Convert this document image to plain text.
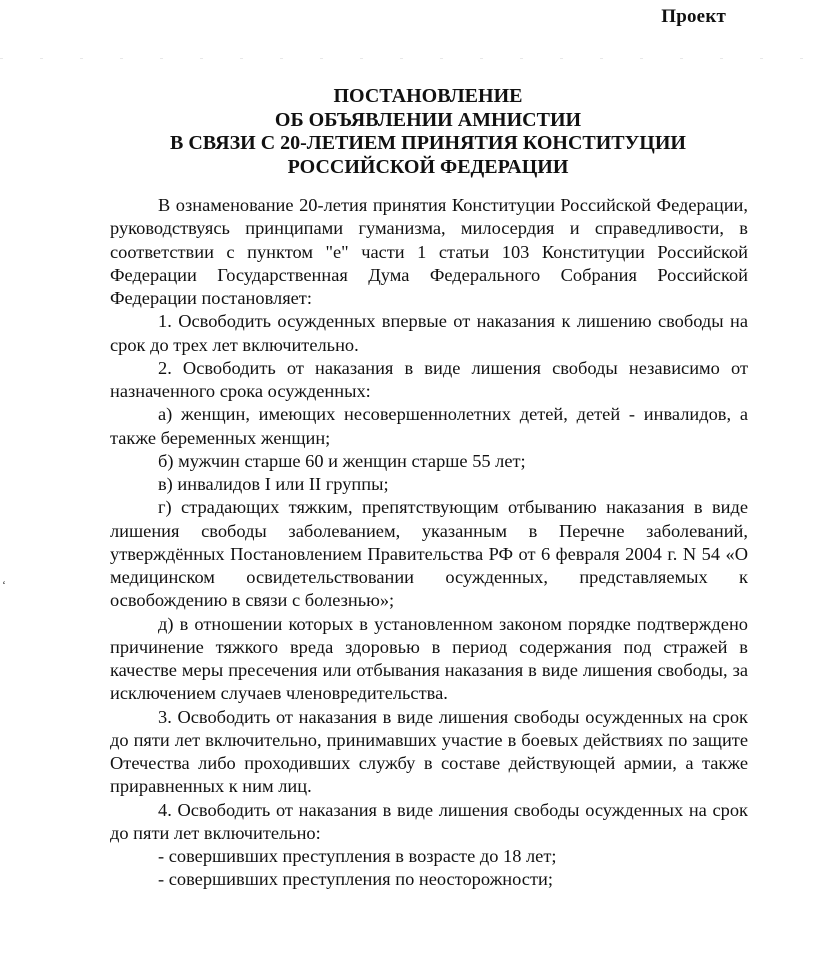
ʻ
Проект
ПОСТАНОВЛЕНИЕ
ОБ ОБЪЯВЛЕНИИ АМНИСТИИ
В СВЯЗИ С 20-ЛЕТИЕМ ПРИНЯТИЯ КОНСТИТУЦИИ
РОССИЙСКОЙ ФЕДЕРАЦИИ

В ознаменование 20-летия принятия Конституции Российской Федерации, руководствуясь принципами гуманизма, милосердия и справедливости, в соответствии с пунктом "е" части 1 статьи 103 Конституции Российской Федерации Государственная Дума Федерального Собрания Российской Федерации постановляет:

1. Освободить осужденных впервые от наказания к лишению свободы на срок до трех лет включительно.

2. Освободить от наказания в виде лишения свободы независимо от назначенного срока осужденных:

а) женщин, имеющих несовершеннолетних детей, детей - инвалидов, а также беременных женщин;

б) мужчин старше 60 и женщин старше 55 лет;

в) инвалидов I или II группы;

г) страдающих тяжким, препятствующим отбыванию наказания в виде лишения свободы заболеванием, указанным в Перечне заболеваний, утверждённых Постановлением Правительства РФ от 6 февраля 2004 г. N 54 «О медицинском освидетельствовании осужденных, представляемых к освобождению в связи с болезнью»;

д) в отношении которых в установленном законом порядке подтверждено причинение тяжкого вреда здоровью в период содержания под стражей в качестве меры пресечения или отбывания наказания в виде лишения свободы, за исключением случаев членовредительства.

3. Освободить от наказания в виде лишения свободы осужденных на срок до пяти лет включительно, принимавших участие в боевых действиях по защите Отечества либо проходивших службу в составе действующей армии, а также приравненных к ним лиц.

4. Освободить от наказания в виде лишения свободы осужденных на срок до пяти лет включительно:

- совершивших преступления в возрасте до 18 лет;

- совершивших преступления по неосторожности;
